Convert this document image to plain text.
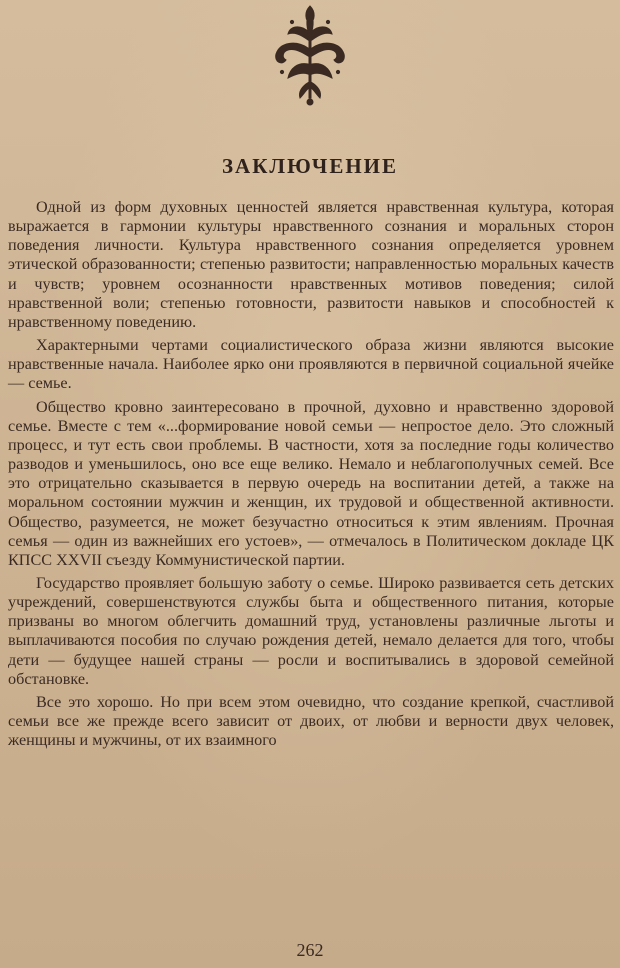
ЗАКЛЮЧЕНИЕ

Одной из форм духовных ценностей является нравственная культура, которая выражается в гармонии культуры нравственного сознания и моральных сторон поведения личности. Культура нравственного сознания определяется уровнем этической образованности; степенью развитости; направленностью моральных качеств и чувств; уровнем осознанности нравственных мотивов поведения; силой нравственной воли; степенью готовности, развитости навыков и способностей к нравственному поведению.

Характерными чертами социалистического образа жизни являются высокие нравственные начала. Наиболее ярко они проявляются в первичной социальной ячейке — семье.

Общество кровно заинтересовано в прочной, духовно и нравственно здоровой семье. Вместе с тем «...формирование новой семьи — непростое дело. Это сложный процесс, и тут есть свои проблемы. В частности, хотя за последние годы количество разводов и уменьшилось, оно все еще велико. Немало и неблагополучных семей. Все это отрицательно сказывается в первую очередь на воспитании детей, а также на моральном состоянии мужчин и женщин, их трудовой и общественной активности. Общество, разумеется, не может безучастно относиться к этим явлениям. Прочная семья — один из важнейших его устоев», — отмечалось в Политическом докладе ЦК КПСС XXVII съезду Коммунистической партии.

Государство проявляет большую заботу о семье. Широко развивается сеть детских учреждений, совершенствуются службы быта и общественного питания, которые призваны во многом облегчить домашний труд, установлены различные льготы и выплачиваются пособия по случаю рождения детей, немало делается для того, чтобы дети — будущее нашей страны — росли и воспитывались в здоровой семейной обстановке.

Все это хорошо. Но при всем этом очевидно, что создание крепкой, счастливой семьи все же прежде всего зависит от двоих, от любви и верности двух человек, женщины и мужчины, от их взаимного

262
